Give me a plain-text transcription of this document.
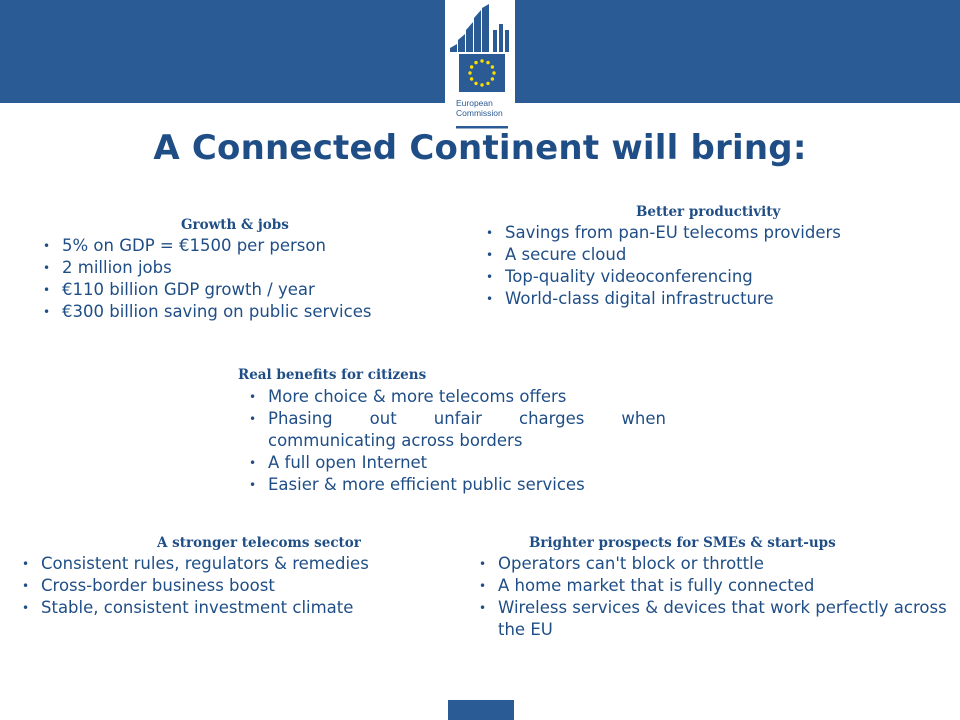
European
Commission
A Connected Continent will bring:
Growth & jobs
• 5% on GDP = €1500 per person
• 2 million jobs
• €110 billion GDP growth / year
• €300 billion saving on public services
Better productivity
• Savings from pan-EU telecoms providers
• A secure cloud
• Top-quality videoconferencing
• World-class digital infrastructure
Real benefits for citizens
• More choice & more telecoms offers
• Phasing out unfair charges when communicating across borders
• A full open Internet
• Easier & more efficient public services
A stronger telecoms sector
• Consistent rules, regulators & remedies
• Cross-border business boost
• Stable, consistent investment climate
Brighter prospects for SMEs & start-ups
• Operators can't block or throttle
• A home market that is fully connected
• Wireless services & devices that work perfectly across the EU
